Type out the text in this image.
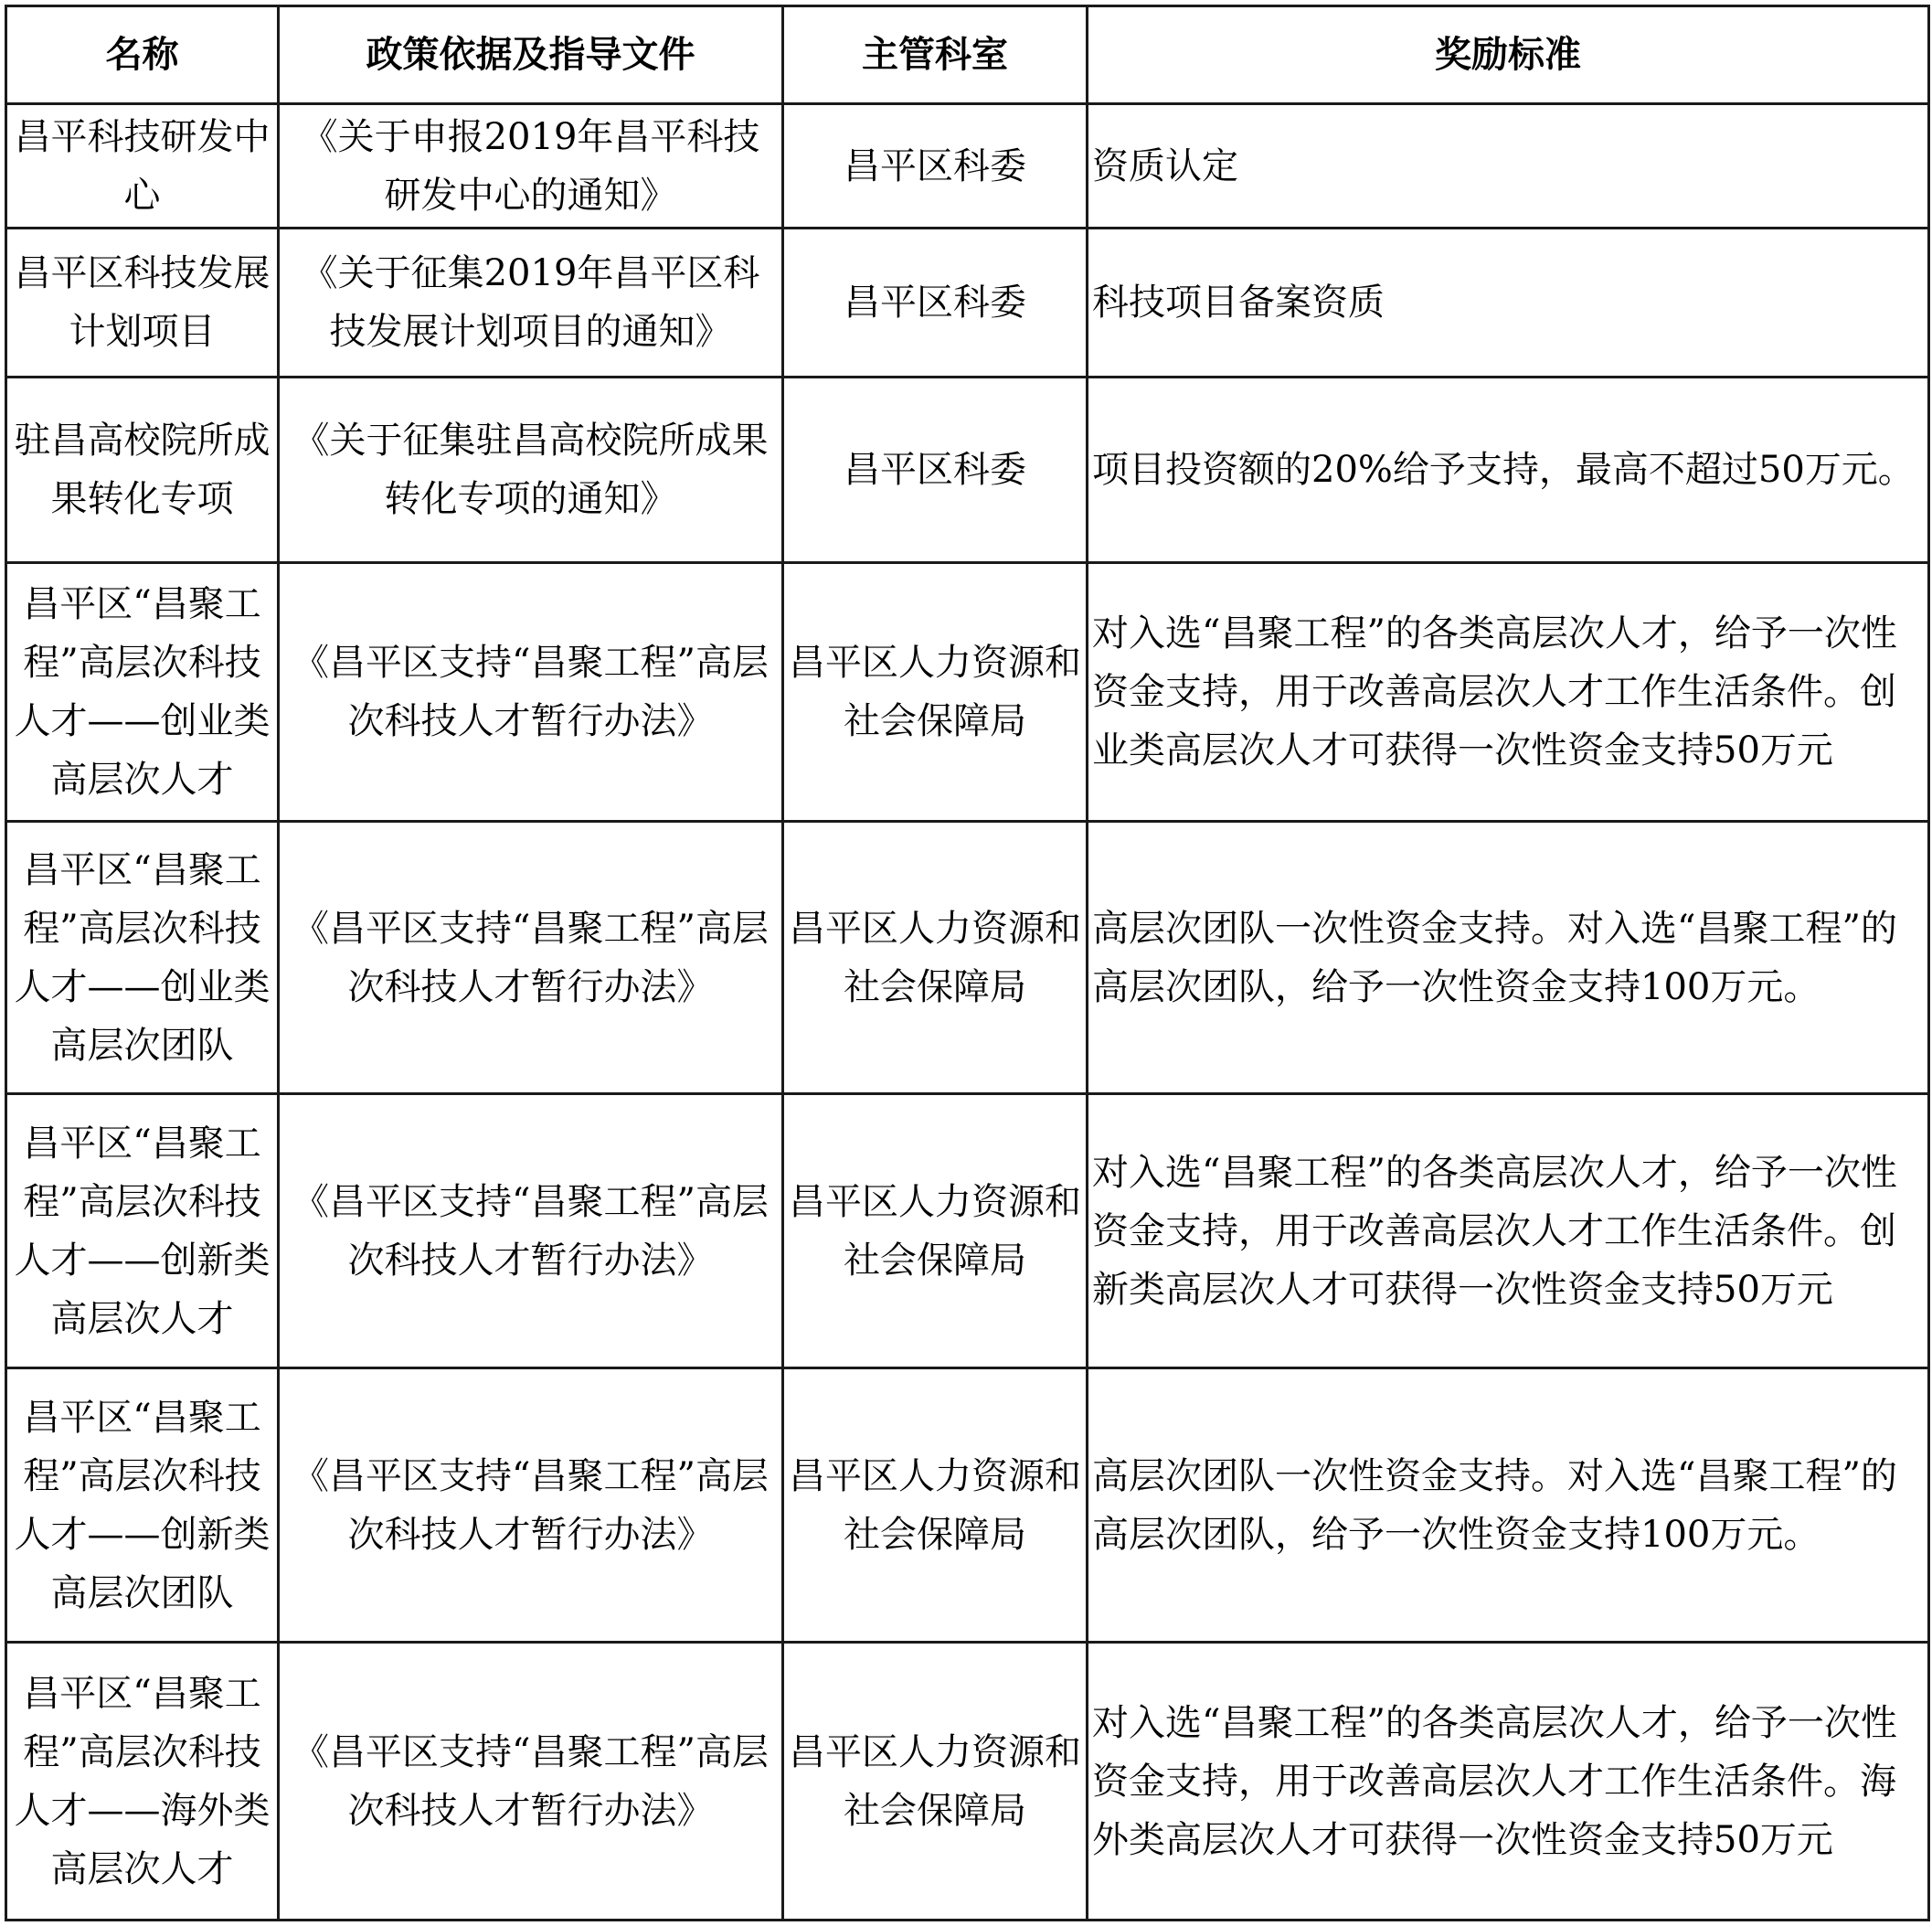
名称	政策依据及指导文件	主管科室	奖励标准
昌平科技研发中心	《关于申报2019年昌平科技研发中心的通知》	昌平区科委	资质认定
昌平区科技发展计划项目	《关于征集2019年昌平区科技发展计划项目的通知》	昌平区科委	科技项目备案资质
驻昌高校院所成果转化专项	《关于征集驻昌高校院所成果转化专项的通知》	昌平区科委	项目投资额的20%给予支持，最高不超过50万元。
昌平区“昌聚工程”高层次科技人才——创业类高层次人才	《昌平区支持“昌聚工程”高层次科技人才暂行办法》	昌平区人力资源和社会保障局	对入选“昌聚工程”的各类高层次人才，给予一次性资金支持，用于改善高层次人才工作生活条件。创业类高层次人才可获得一次性资金支持50万元
昌平区“昌聚工程”高层次科技人才——创业类高层次团队	《昌平区支持“昌聚工程”高层次科技人才暂行办法》	昌平区人力资源和社会保障局	高层次团队一次性资金支持。对入选“昌聚工程”的高层次团队，给予一次性资金支持100万元。
昌平区“昌聚工程”高层次科技人才——创新类高层次人才	《昌平区支持“昌聚工程”高层次科技人才暂行办法》	昌平区人力资源和社会保障局	对入选“昌聚工程”的各类高层次人才，给予一次性资金支持，用于改善高层次人才工作生活条件。创新类高层次人才可获得一次性资金支持50万元
昌平区“昌聚工程”高层次科技人才——创新类高层次团队	《昌平区支持“昌聚工程”高层次科技人才暂行办法》	昌平区人力资源和社会保障局	高层次团队一次性资金支持。对入选“昌聚工程”的高层次团队，给予一次性资金支持100万元。
昌平区“昌聚工程”高层次科技人才——海外类高层次人才	《昌平区支持“昌聚工程”高层次科技人才暂行办法》	昌平区人力资源和社会保障局	对入选“昌聚工程”的各类高层次人才，给予一次性资金支持，用于改善高层次人才工作生活条件。海外类高层次人才可获得一次性资金支持50万元
